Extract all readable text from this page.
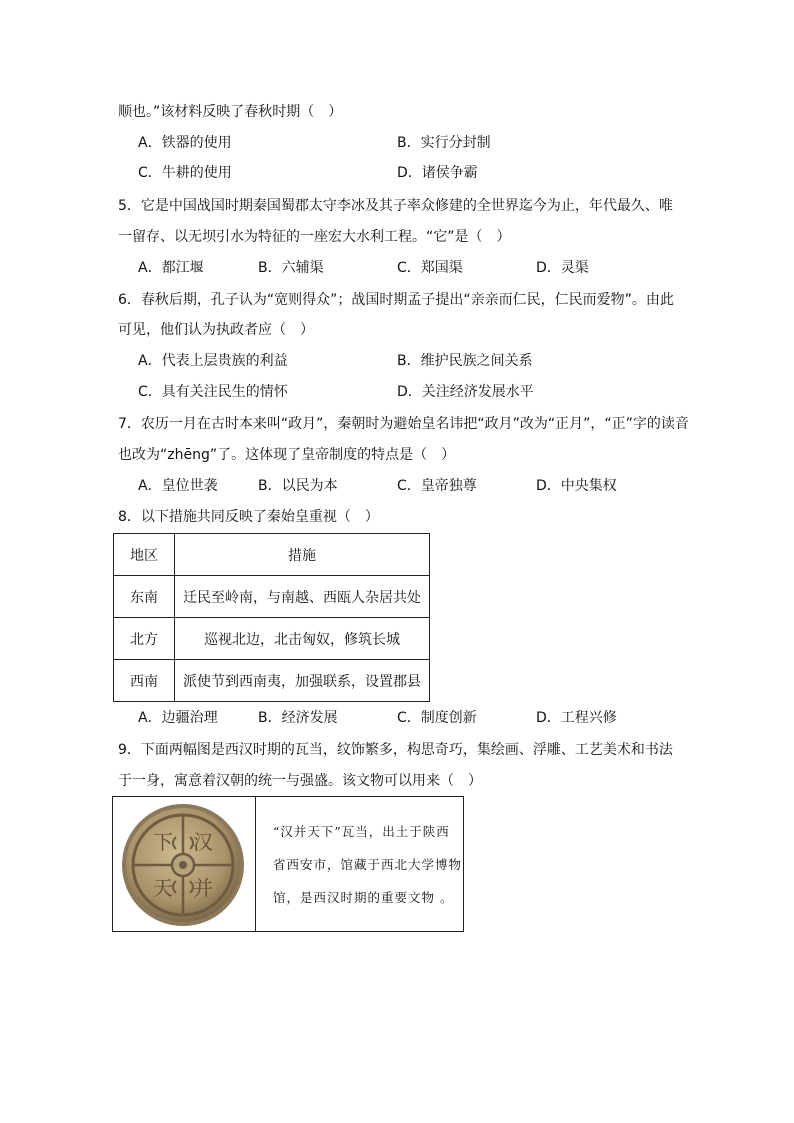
顺也。”该材料反映了春秋时期（　）
A．铁器的使用	B．实行分封制
C．牛耕的使用	D．诸侯争霸
5．它是中国战国时期秦国蜀郡太守李冰及其子率众修建的全世界迄今为止，年代最久、唯
一留存、以无坝引水为特征的一座宏大水利工程。“它”是（　）
A．都江堰	B．六辅渠	C．郑国渠	D．灵渠
6．春秋后期，孔子认为“宽则得众”；战国时期孟子提出“亲亲而仁民，仁民而爱物”。由此
可见，他们认为执政者应（　）
A．代表上层贵族的利益	B．维护民族之间关系
C．具有关注民生的情怀	D．关注经济发展水平
7．农历一月在古时本来叫“政月”，秦朝时为避始皇名讳把“政月”改为“正月”，“正”字的读音
也改为“zhēng”了。这体现了皇帝制度的特点是（　）
A．皇位世袭	B．以民为本	C．皇帝独尊	D．中央集权
8．以下措施共同反映了秦始皇重视（　）
地区	措施
东南	迁民至岭南，与南越、西瓯人杂居共处
北方	巡视北边，北击匈奴，修筑长城
西南	派使节到西南夷，加强联系，设置郡县
A．边疆治理	B．经济发展	C．制度创新	D．工程兴修
9．下面两幅图是西汉时期的瓦当，纹饰繁多，构思奇巧，集绘画、浮雕、工艺美术和书法
于一身，寓意着汉朝的统一与强盛。该文物可以用来（　）
汉
并
天
下	“汉并天下”瓦当，出土于陕西
省西安市，馆藏于西北大学博物
馆，是西汉时期的重要文物 。
